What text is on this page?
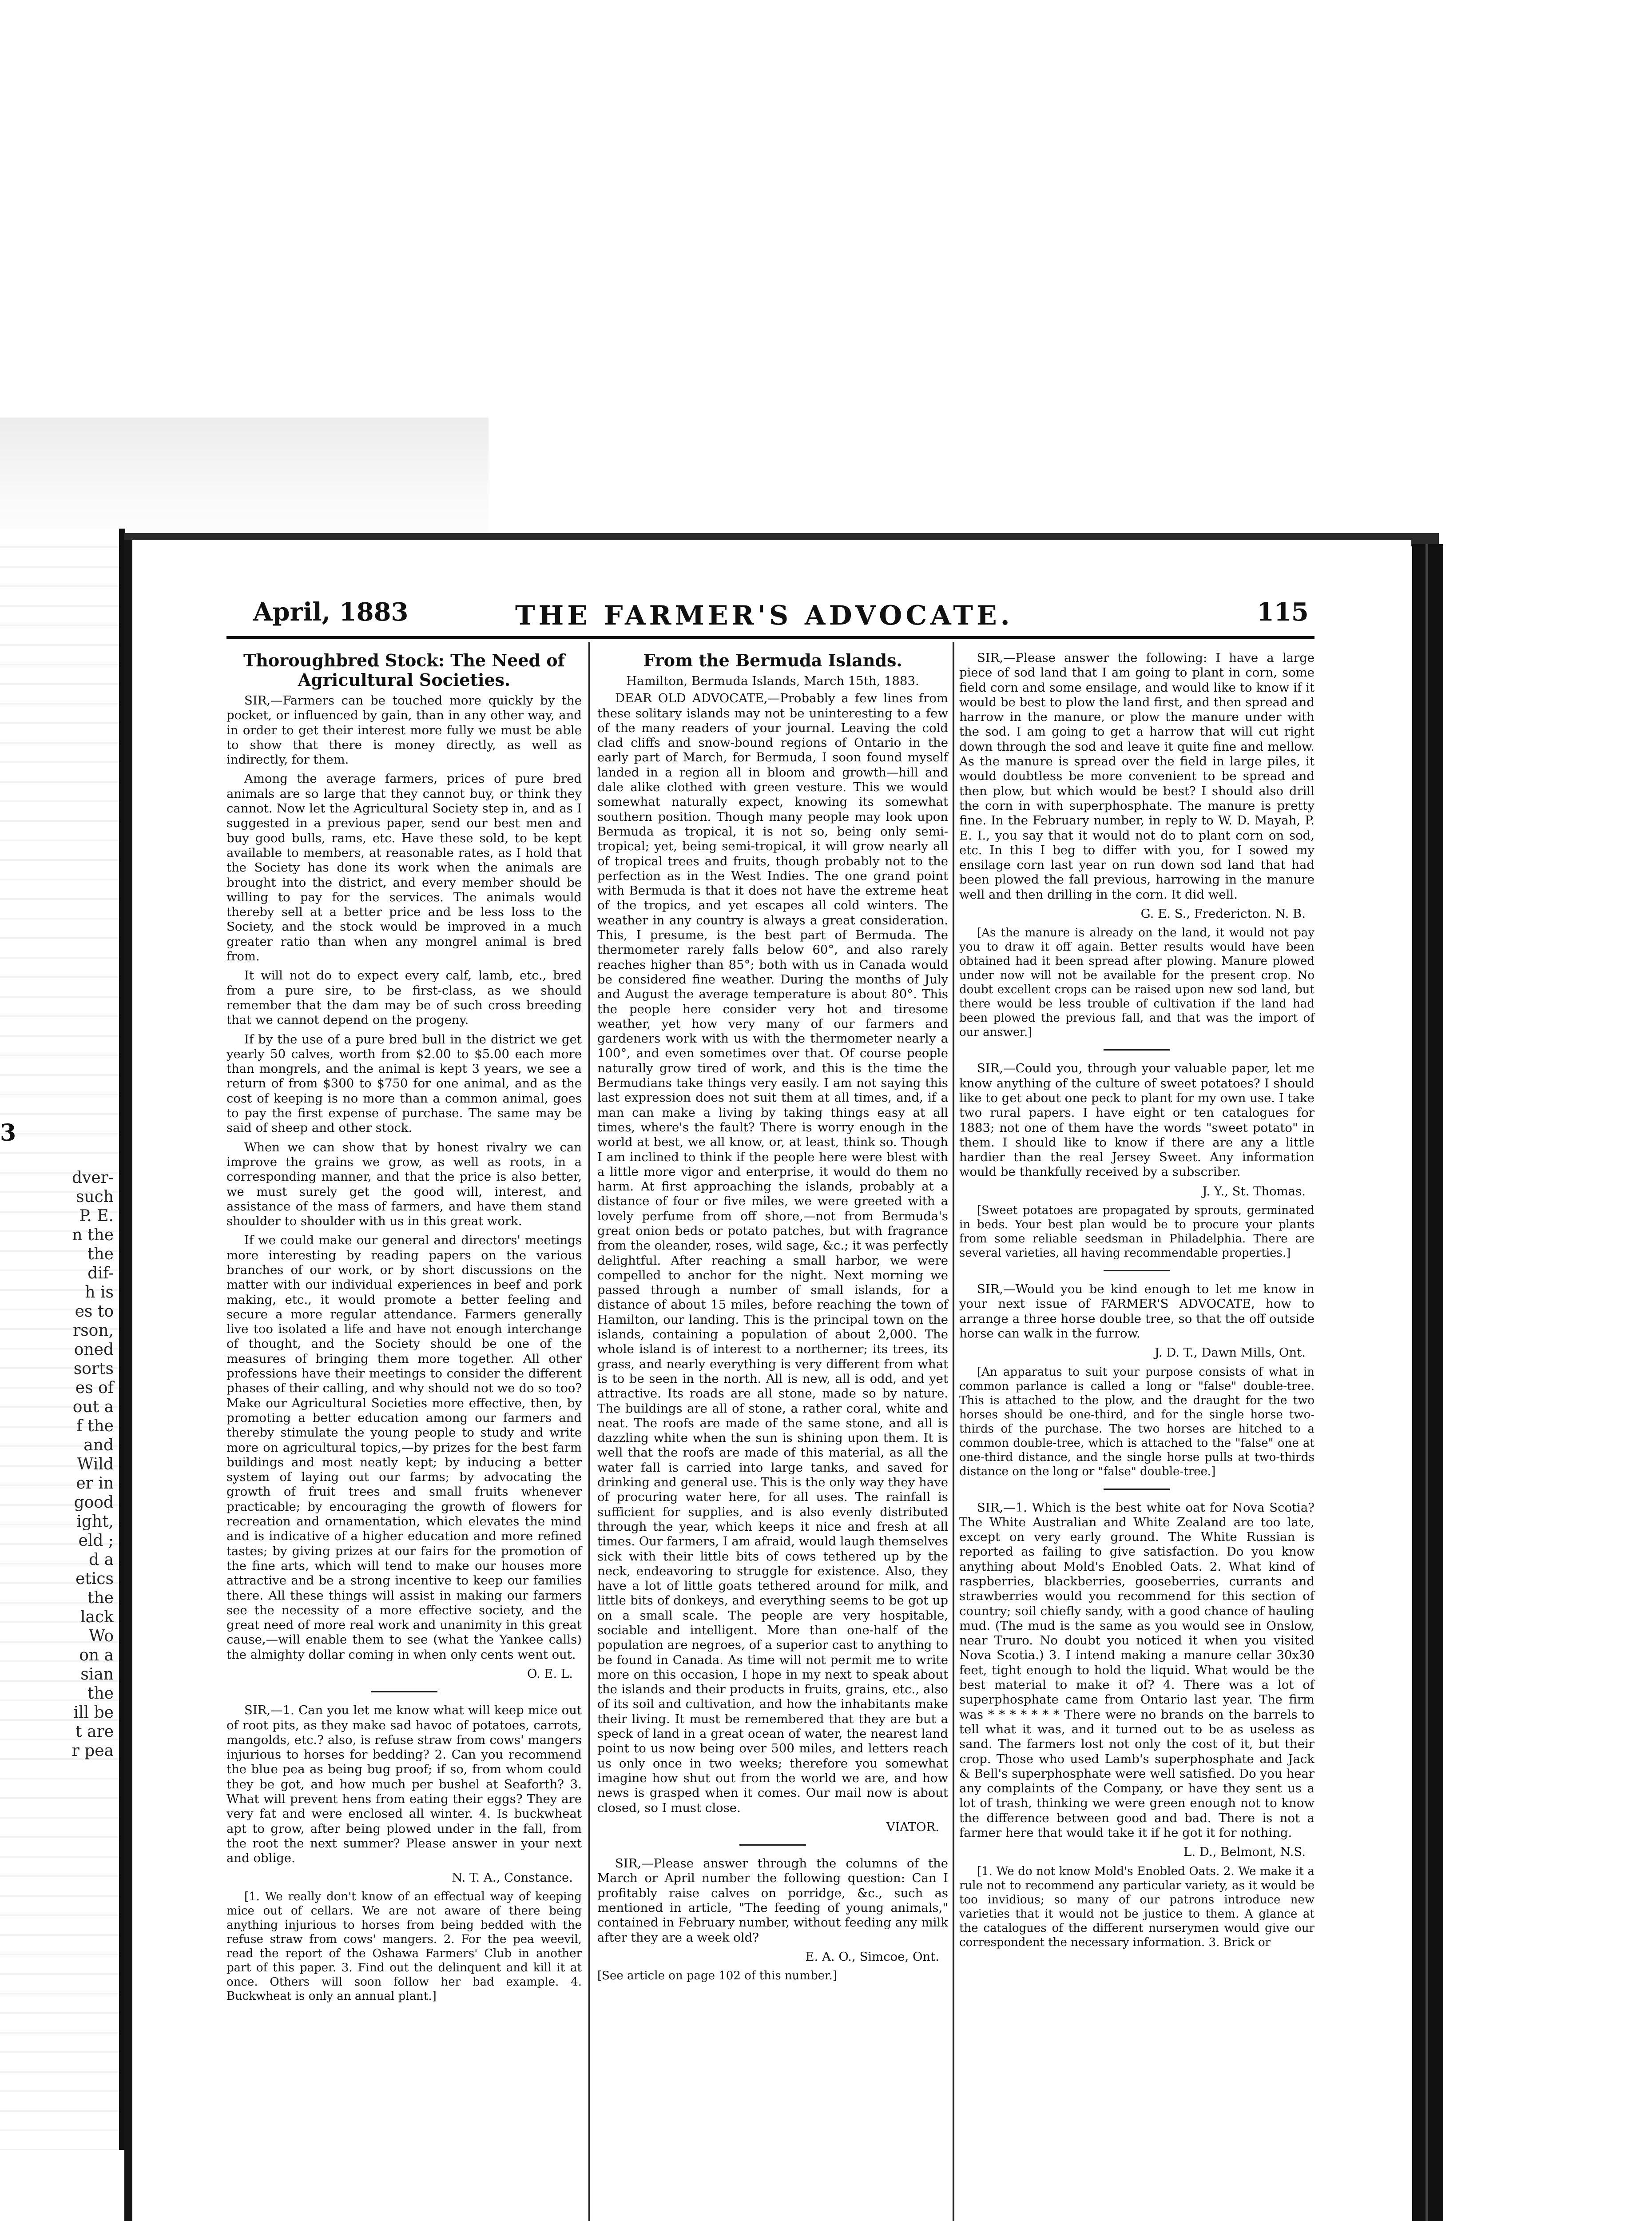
3
dver-
such
P. E.
n the
the
dif-
h is
es to
rson,
oned
sorts
es of
out a
f the
and
Wild
er in
good
ight,
eld ;
d a
etics
the
lack
Wo
on a
sian
the
ill be
t are
r pea
April, 1883	THE FARMER'S ADVOCATE.	115
Thoroughbred Stock: The Need of Agricultural Societies.

SIR,—Farmers can be touched more quickly by the pocket, or influenced by gain, than in any other way, and in order to get their interest more fully we must be able to show that there is money directly, as well as indirectly, for them.

Among the average farmers, prices of pure bred animals are so large that they cannot buy, or think they cannot. Now let the Agricultural Society step in, and as I suggested in a previous paper, send our best men and buy good bulls, rams, etc. Have these sold, to be kept available to members, at reasonable rates, as I hold that the Society has done its work when the animals are brought into the district, and every member should be willing to pay for the services. The animals would thereby sell at a better price and be less loss to the Society, and the stock would be improved in a much greater ratio than when any mongrel animal is bred from.

It will not do to expect every calf, lamb, etc., bred from a pure sire, to be first-class, as we should remember that the dam may be of such cross breeding that we cannot depend on the progeny.

If by the use of a pure bred bull in the district we get yearly 50 calves, worth from $2.00 to $5.00 each more than mongrels, and the animal is kept 3 years, we see a return of from $300 to $750 for one animal, and as the cost of keeping is no more than a common animal, goes to pay the first expense of purchase. The same may be said of sheep and other stock.

When we can show that by honest rivalry we can improve the grains we grow, as well as roots, in a corresponding manner, and that the price is also better, we must surely get the good will, interest, and assistance of the mass of farmers, and have them stand shoulder to shoulder with us in this great work.

If we could make our general and directors' meetings more interesting by reading papers on the various branches of our work, or by short discussions on the matter with our individual experiences in beef and pork making, etc., it would promote a better feeling and secure a more regular attendance. Farmers generally live too isolated a life and have not enough interchange of thought, and the Society should be one of the measures of bringing them more together. All other professions have their meetings to consider the different phases of their calling, and why should not we do so too? Make our Agricultural Societies more effective, then, by promoting a better education among our farmers and thereby stimulate the young people to study and write more on agricultural topics,—by prizes for the best farm buildings and most neatly kept; by inducing a better system of laying out our farms; by advocating the growth of fruit trees and small fruits whenever practicable; by encouraging the growth of flowers for recreation and ornamentation, which elevates the mind and is indicative of a higher education and more refined tastes; by giving prizes at our fairs for the promotion of the fine arts, which will tend to make our houses more attractive and be a strong incentive to keep our families there. All these things will assist in making our farmers see the necessity of a more effective society, and the great need of more real work and unanimity in this great cause,—will enable them to see (what the Yankee calls) the almighty dollar coming in when only cents went out.

O. E. L.

SIR,—1. Can you let me know what will keep mice out of root pits, as they make sad havoc of potatoes, carrots, mangolds, etc.? also, is refuse straw from cows' mangers injurious to horses for bedding? 2. Can you recommend the blue pea as being bug proof; if so, from whom could they be got, and how much per bushel at Seaforth? 3. What will prevent hens from eating their eggs? They are very fat and were enclosed all winter. 4. Is buckwheat apt to grow, after being plowed under in the fall, from the root the next summer? Please answer in your next and oblige.

N. T. A., Constance.

[1. We really don't know of an effectual way of keeping mice out of cellars. We are not aware of there being anything injurious to horses from being bedded with the refuse straw from cows' mangers. 2. For the pea weevil, read the report of the Oshawa Farmers' Club in another part of this paper. 3. Find out the delinquent and kill it at once. Others will soon follow her bad example. 4. Buckwheat is only an annual plant.]

From the Bermuda Islands.
Hamilton, Bermuda Islands, March 15th, 1883.

DEAR OLD ADVOCATE,—Probably a few lines from these solitary islands may not be uninteresting to a few of the many readers of your journal. Leaving the cold clad cliffs and snow-bound regions of Ontario in the early part of March, for Bermuda, I soon found myself landed in a region all in bloom and growth—hill and dale alike clothed with green vesture. This we would somewhat naturally expect, knowing its somewhat southern position. Though many people may look upon Bermuda as tropical, it is not so, being only semi-tropical; yet, being semi-tropical, it will grow nearly all of tropical trees and fruits, though probably not to the perfection as in the West Indies. The one grand point with Bermuda is that it does not have the extreme heat of the tropics, and yet escapes all cold winters. The weather in any country is always a great consideration. This, I presume, is the best part of Bermuda. The thermometer rarely falls below 60°, and also rarely reaches higher than 85°; both with us in Canada would be considered fine weather. During the months of July and August the average temperature is about 80°. This the people here consider very hot and tiresome weather, yet how very many of our farmers and gardeners work with us with the thermometer nearly a 100°, and even sometimes over that. Of course people naturally grow tired of work, and this is the time the Bermudians take things very easily. I am not saying this last expression does not suit them at all times, and, if a man can make a living by taking things easy at all times, where's the fault? There is worry enough in the world at best, we all know, or, at least, think so. Though I am inclined to think if the people here were blest with a little more vigor and enterprise, it would do them no harm. At first approaching the islands, probably at a distance of four or five miles, we were greeted with a lovely perfume from off shore,—not from Bermuda's great onion beds or potato patches, but with fragrance from the oleander, roses, wild sage, &c.; it was perfectly delightful. After reaching a small harbor, we were compelled to anchor for the night. Next morning we passed through a number of small islands, for a distance of about 15 miles, before reaching the town of Hamilton, our landing. This is the principal town on the islands, containing a population of about 2,000. The whole island is of interest to a northerner; its trees, its grass, and nearly everything is very different from what is to be seen in the north. All is new, all is odd, and yet attractive. Its roads are all stone, made so by nature. The buildings are all of stone, a rather coral, white and neat. The roofs are made of the same stone, and all is dazzling white when the sun is shining upon them. It is well that the roofs are made of this material, as all the water fall is carried into large tanks, and saved for drinking and general use. This is the only way they have of procuring water here, for all uses. The rainfall is sufficient for supplies, and is also evenly distributed through the year, which keeps it nice and fresh at all times. Our farmers, I am afraid, would laugh themselves sick with their little bits of cows tethered up by the neck, endeavoring to struggle for existence. Also, they have a lot of little goats tethered around for milk, and little bits of donkeys, and everything seems to be got up on a small scale. The people are very hospitable, sociable and intelligent. More than one-half of the population are negroes, of a superior cast to anything to be found in Canada. As time will not permit me to write more on this occasion, I hope in my next to speak about the islands and their products in fruits, grains, etc., also of its soil and cultivation, and how the inhabitants make their living. It must be remembered that they are but a speck of land in a great ocean of water, the nearest land point to us now being over 500 miles, and letters reach us only once in two weeks; therefore you somewhat imagine how shut out from the world we are, and how news is grasped when it comes. Our mail now is about closed, so I must close.

VIATOR.

SIR,—Please answer through the columns of the March or April number the following question: Can I profitably raise calves on porridge, &c., such as mentioned in article, "The feeding of young animals," contained in February number, without feeding any milk after they are a week old?

E. A. O., Simcoe, Ont.

[See article on page 102 of this number.]

SIR,—Please answer the following: I have a large piece of sod land that I am going to plant in corn, some field corn and some ensilage, and would like to know if it would be best to plow the land first, and then spread and harrow in the manure, or plow the manure under with the sod. I am going to get a harrow that will cut right down through the sod and leave it quite fine and mellow. As the manure is spread over the field in large piles, it would doubtless be more convenient to be spread and then plow, but which would be best? I should also drill the corn in with superphosphate. The manure is pretty fine. In the February number, in reply to W. D. Mayah, P. E. I., you say that it would not do to plant corn on sod, etc. In this I beg to differ with you, for I sowed my ensilage corn last year on run down sod land that had been plowed the fall previous, harrowing in the manure well and then drilling in the corn. It did well.

G. E. S., Fredericton. N. B.

[As the manure is already on the land, it would not pay you to draw it off again. Better results would have been obtained had it been spread after plowing. Manure plowed under now will not be available for the present crop. No doubt excellent crops can be raised upon new sod land, but there would be less trouble of cultivation if the land had been plowed the previous fall, and that was the import of our answer.]

SIR,—Could you, through your valuable paper, let me know anything of the culture of sweet potatoes? I should like to get about one peck to plant for my own use. I take two rural papers. I have eight or ten catalogues for 1883; not one of them have the words "sweet potato" in them. I should like to know if there are any a little hardier than the real Jersey Sweet. Any information would be thankfully received by a subscriber.

J. Y., St. Thomas.

[Sweet potatoes are propagated by sprouts, germinated in beds. Your best plan would be to procure your plants from some reliable seedsman in Philadelphia. There are several varieties, all having recommendable properties.]

SIR,—Would you be kind enough to let me know in your next issue of FARMER'S ADVOCATE, how to arrange a three horse double tree, so that the off outside horse can walk in the furrow.

J. D. T., Dawn Mills, Ont.

[An apparatus to suit your purpose consists of what in common parlance is called a long or "false" double-tree. This is attached to the plow, and the draught for the two horses should be one-third, and for the single horse two-thirds of the purchase. The two horses are hitched to a common double-tree, which is attached to the "false" one at one-third distance, and the single horse pulls at two-thirds distance on the long or "false" double-tree.]

SIR,—1. Which is the best white oat for Nova Scotia? The White Australian and White Zealand are too late, except on very early ground. The White Russian is reported as failing to give satisfaction. Do you know anything about Mold's Enobled Oats. 2. What kind of raspberries, blackberries, gooseberries, currants and strawberries would you recommend for this section of country; soil chiefly sandy, with a good chance of hauling mud. (The mud is the same as you would see in Onslow, near Truro. No doubt you noticed it when you visited Nova Scotia.) 3. I intend making a manure cellar 30x30 feet, tight enough to hold the liquid. What would be the best material to make it of? 4. There was a lot of superphosphate came from Ontario last year. The firm was * * * * * * * There were no brands on the barrels to tell what it was, and it turned out to be as useless as sand. The farmers lost not only the cost of it, but their crop. Those who used Lamb's superphosphate and Jack & Bell's superphosphate were well satisfied. Do you hear any complaints of the Company, or have they sent us a lot of trash, thinking we were green enough not to know the difference between good and bad. There is not a farmer here that would take it if he got it for nothing.

L. D., Belmont, N.S.

[1. We do not know Mold's Enobled Oats. 2. We make it a rule not to recommend any particular variety, as it would be too invidious; so many of our patrons introduce new varieties that it would not be justice to them. A glance at the catalogues of the different nurserymen would give our correspondent the necessary information. 3. Brick or
